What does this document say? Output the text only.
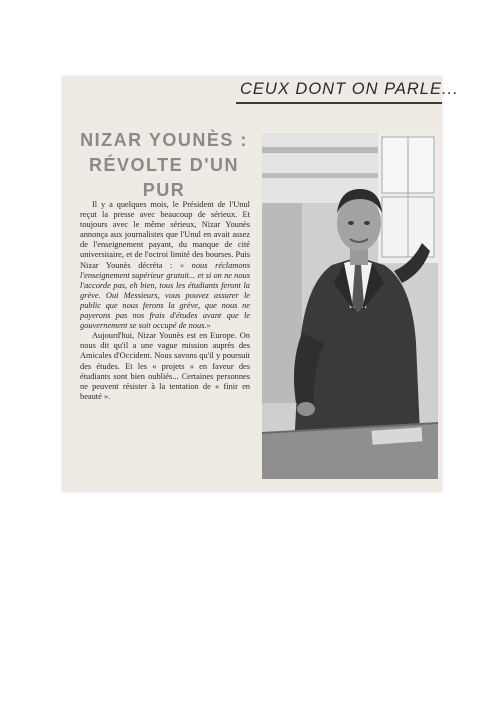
CEUX DONT ON PARLE...
NIZAR YOUNÈS :
RÉVOLTE D'UN PUR

Il y a quelques mois, le Président de l'Unul reçut la presse avec beaucoup de sérieux. Et toujours avec le même sérieux, Nizar Younès annonça aux journalistes que l'Unul en avait assez de l'enseignement payant, du manque de cité universitaire, et de l'octroi limité des bourses. Puis Nizar Younès décréta : « nous réclamons l'enseignement supérieur gratuit... et si on ne nous l'accorde pas, eh bien, tous les étudiants feront la grève. Oui Messieurs, vous pouvez assurer le public que nous ferons la grève, que nous ne payerons pas nos frais d'études avant que le gouvernement se soit occupé de nous.»

Aujourd'hui, Nizar Younès est en Europe. On nous dit qu'il a une vague mission auprès des Amicales d'Occident. Nous savons qu'il y poursuit des études. Et les « projets » en faveur des étudiants sont bien oubliés... Certaines personnes ne peuvent résister à la tentation de « finir en beauté ».
